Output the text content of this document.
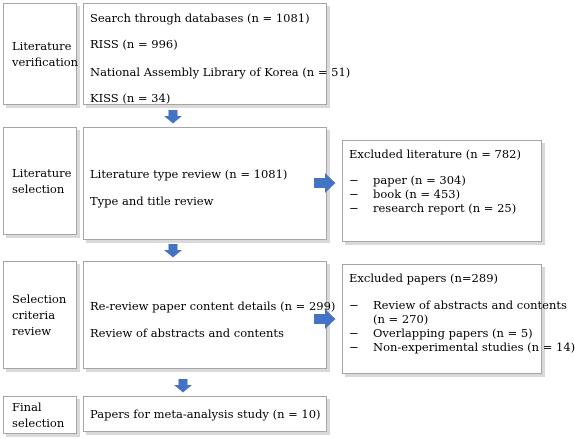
Literature verification
Search through databases (n = 1081)
RISS (n = 996)
National Assembly Library of Korea (n = 51)
KISS (n = 34)
Literature selection
Literature type review (n = 1081)
Type and title review
Excluded literature (n = 782)
− paper (n = 304)
− book (n = 453)
− research report (n = 25)
Selection criteria review
Re-review paper content details (n = 299)
Review of abstracts and contents
Excluded papers (n=289)
− Review of abstracts and contents
(n = 270)
− Overlapping papers (n = 5)
− Non-experimental studies (n = 14)
Final selection
Papers for meta-analysis study (n = 10)
